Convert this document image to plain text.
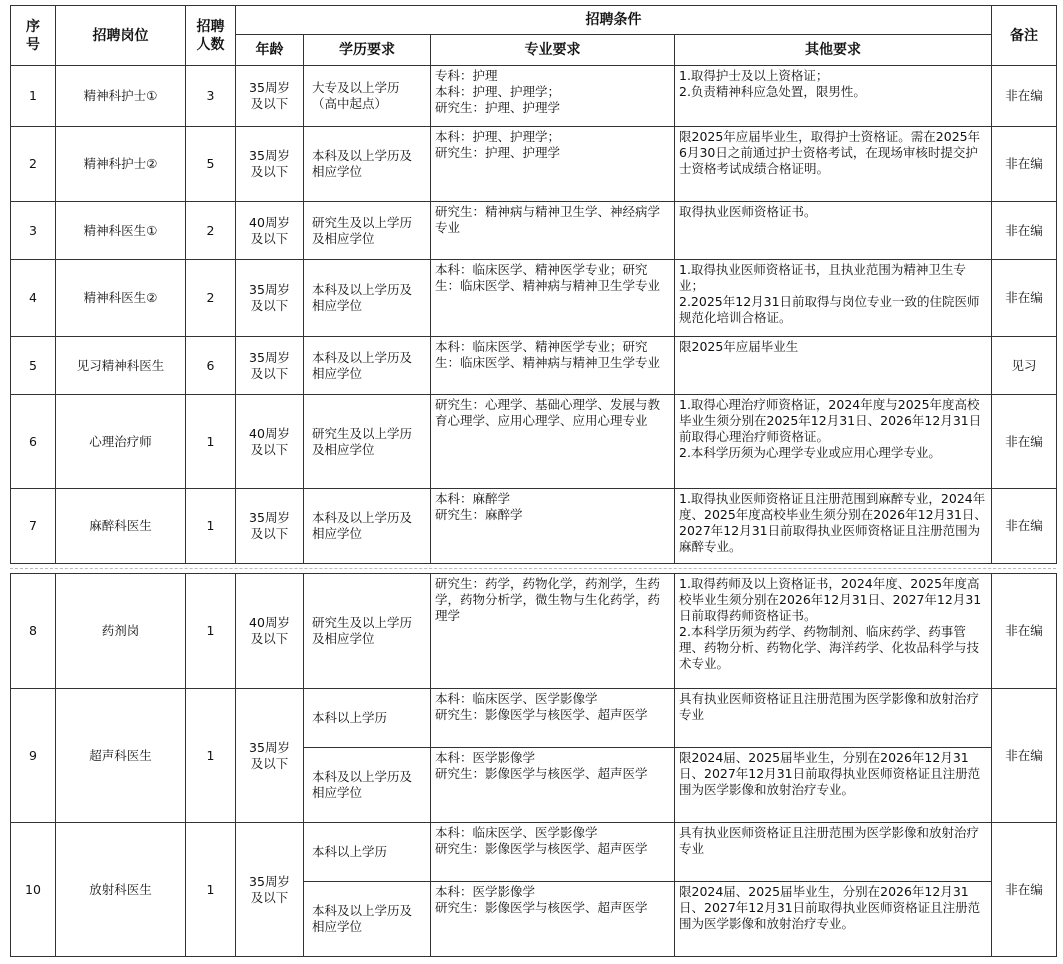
序号	招聘岗位	招聘人数	招聘条件				备注
			年龄	学历要求	专业要求	其他要求	
1	精神科护士①	3	35周岁及以下	大专及以上学历（高中起点）	专科：护理
本科：护理、护理学；
研究生：护理、护理学	1.取得护士及以上资格证；
2.负责精神科应急处置，限男性。	非在编
2	精神科护士②	5	35周岁及以下	本科及以上学历及相应学位	本科：护理、护理学；
研究生：护理、护理学	限2025年应届毕业生，取得护士资格证。需在2025年6月30日之前通过护士资格考试，在现场审核时提交护士资格考试成绩合格证明。	非在编
3	精神科医生①	2	40周岁及以下	研究生及以上学历及相应学位	研究生：精神病与精神卫生学、神经病学专业	取得执业医师资格证书。	非在编
4	精神科医生②	2	35周岁及以下	本科及以上学历及相应学位	本科：临床医学、精神医学专业；研究生：临床医学、精神病与精神卫生学专业	1.取得执业医师资格证书，且执业范围为精神卫生专业；
2.2025年12月31日前取得与岗位专业一致的住院医师规范化培训合格证。	非在编
5	见习精神科医生	6	35周岁及以下	本科及以上学历及相应学位	本科：临床医学、精神医学专业；研究生：临床医学、精神病与精神卫生学专业	限2025年应届毕业生	见习
6	心理治疗师	1	40周岁及以下	研究生及以上学历及相应学位	研究生：心理学、基础心理学、发展与教育心理学、应用心理学、应用心理专业	1.取得心理治疗师资格证，2024年度与2025年度高校毕业生须分别在2025年12月31日、2026年12月31日前取得心理治疗师资格证。
2.本科学历须为心理学专业或应用心理学专业。	非在编
7	麻醉科医生	1	35周岁及以下	本科及以上学历及相应学位	本科：麻醉学
研究生：麻醉学	1.取得执业医师资格证且注册范围到麻醉专业，2024年度、2025年度高校毕业生须分别在2026年12月31日、2027年12月31日前取得执业医师资格证且注册范围为麻醉专业。	非在编
8	药剂岗	1	40周岁及以下	研究生及以上学历及相应学位	研究生：药学，药物化学，药剂学，生药学，药物分析学，微生物与生化药学，药理学	1.取得药师及以上资格证书，2024年度、2025年度高校毕业生须分别在2026年12月31日、2027年12月31日前取得药师资格证书。
2.本科学历须为药学、药物制剂、临床药学、药事管理、药物分析、药物化学、海洋药学、化妆品科学与技术专业。	非在编
9	超声科医生	1	35周岁及以下	本科以上学历	本科：临床医学、医学影像学
研究生：影像医学与核医学、超声医学	具有执业医师资格证且注册范围为医学影像和放射治疗专业	非在编
				本科及以上学历及相应学位	本科：医学影像学
研究生：影像医学与核医学、超声医学	限2024届、2025届毕业生，分别在2026年12月31日、2027年12月31日前取得执业医师资格证且注册范围为医学影像和放射治疗专业。	
10	放射科医生	1	35周岁及以下	本科以上学历	本科：临床医学、医学影像学
研究生：影像医学与核医学、超声医学	具有执业医师资格证且注册范围为医学影像和放射治疗专业	非在编
				本科及以上学历及相应学位	本科：医学影像学
研究生：影像医学与核医学、超声医学	限2024届、2025届毕业生，分别在2026年12月31日、2027年12月31日前取得执业医师资格证且注册范围为医学影像和放射治疗专业。	
